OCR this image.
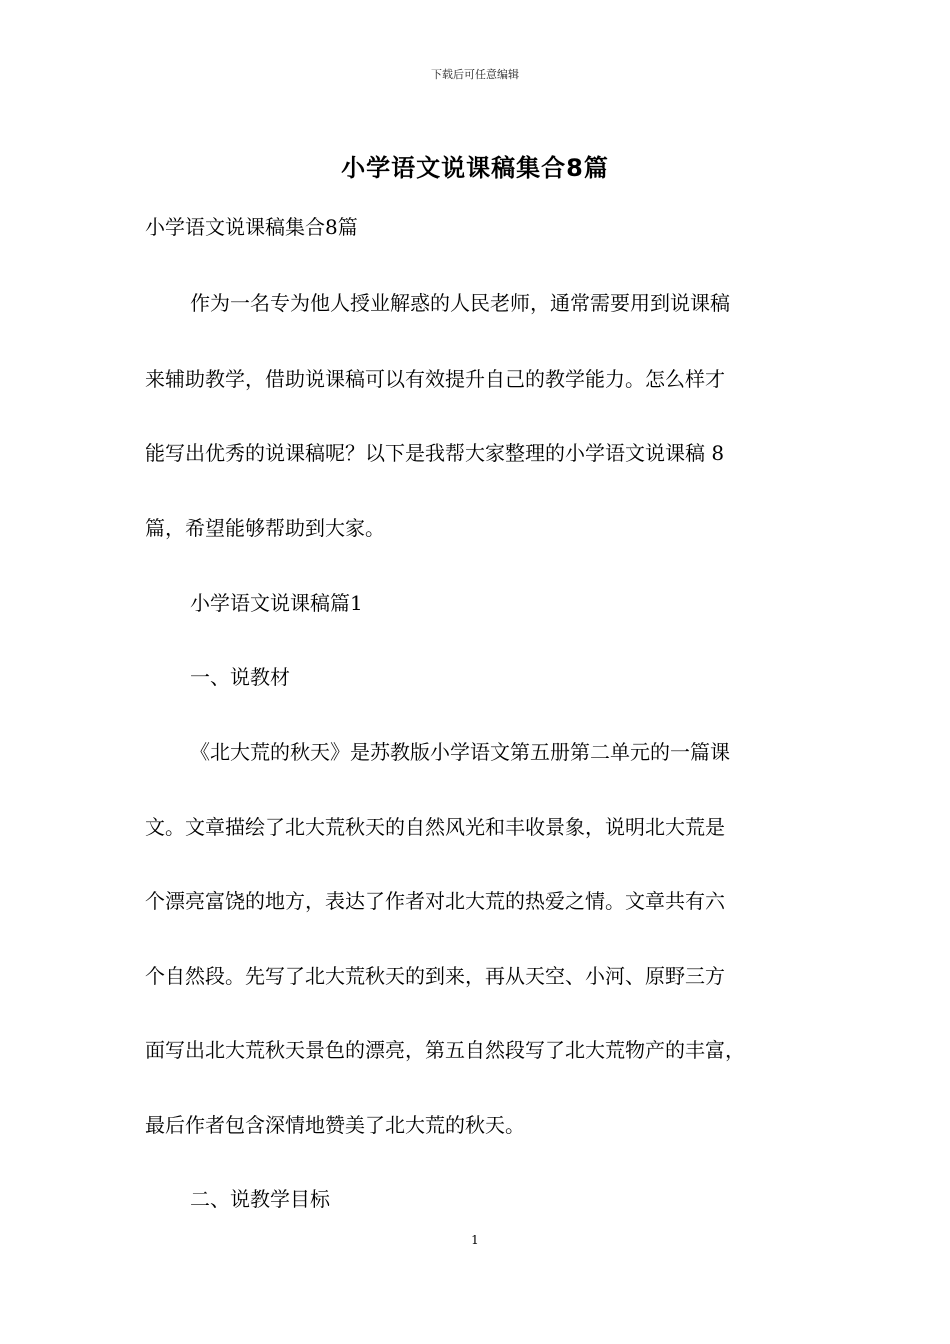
下载后可任意编辑
小学语文说课稿集合8篇
小学语文说课稿集合8篇
作为一名专为他人授业解惑的人民老师，通常需要用到说课稿
来辅助教学，借助说课稿可以有效提升自己的教学能力。怎么样才
能写出优秀的说课稿呢？以下是我帮大家整理的小学语文说课稿 8
篇，希望能够帮助到大家。
小学语文说课稿篇1
一、说教材
《北大荒的秋天》是苏教版小学语文第五册第二单元的一篇课
文。文章描绘了北大荒秋天的自然风光和丰收景象，说明北大荒是
个漂亮富饶的地方，表达了作者对北大荒的热爱之情。文章共有六
个自然段。先写了北大荒秋天的到来，再从天空、小河、原野三方
面写出北大荒秋天景色的漂亮，第五自然段写了北大荒物产的丰富，
最后作者包含深情地赞美了北大荒的秋天。
二、说教学目标
1
